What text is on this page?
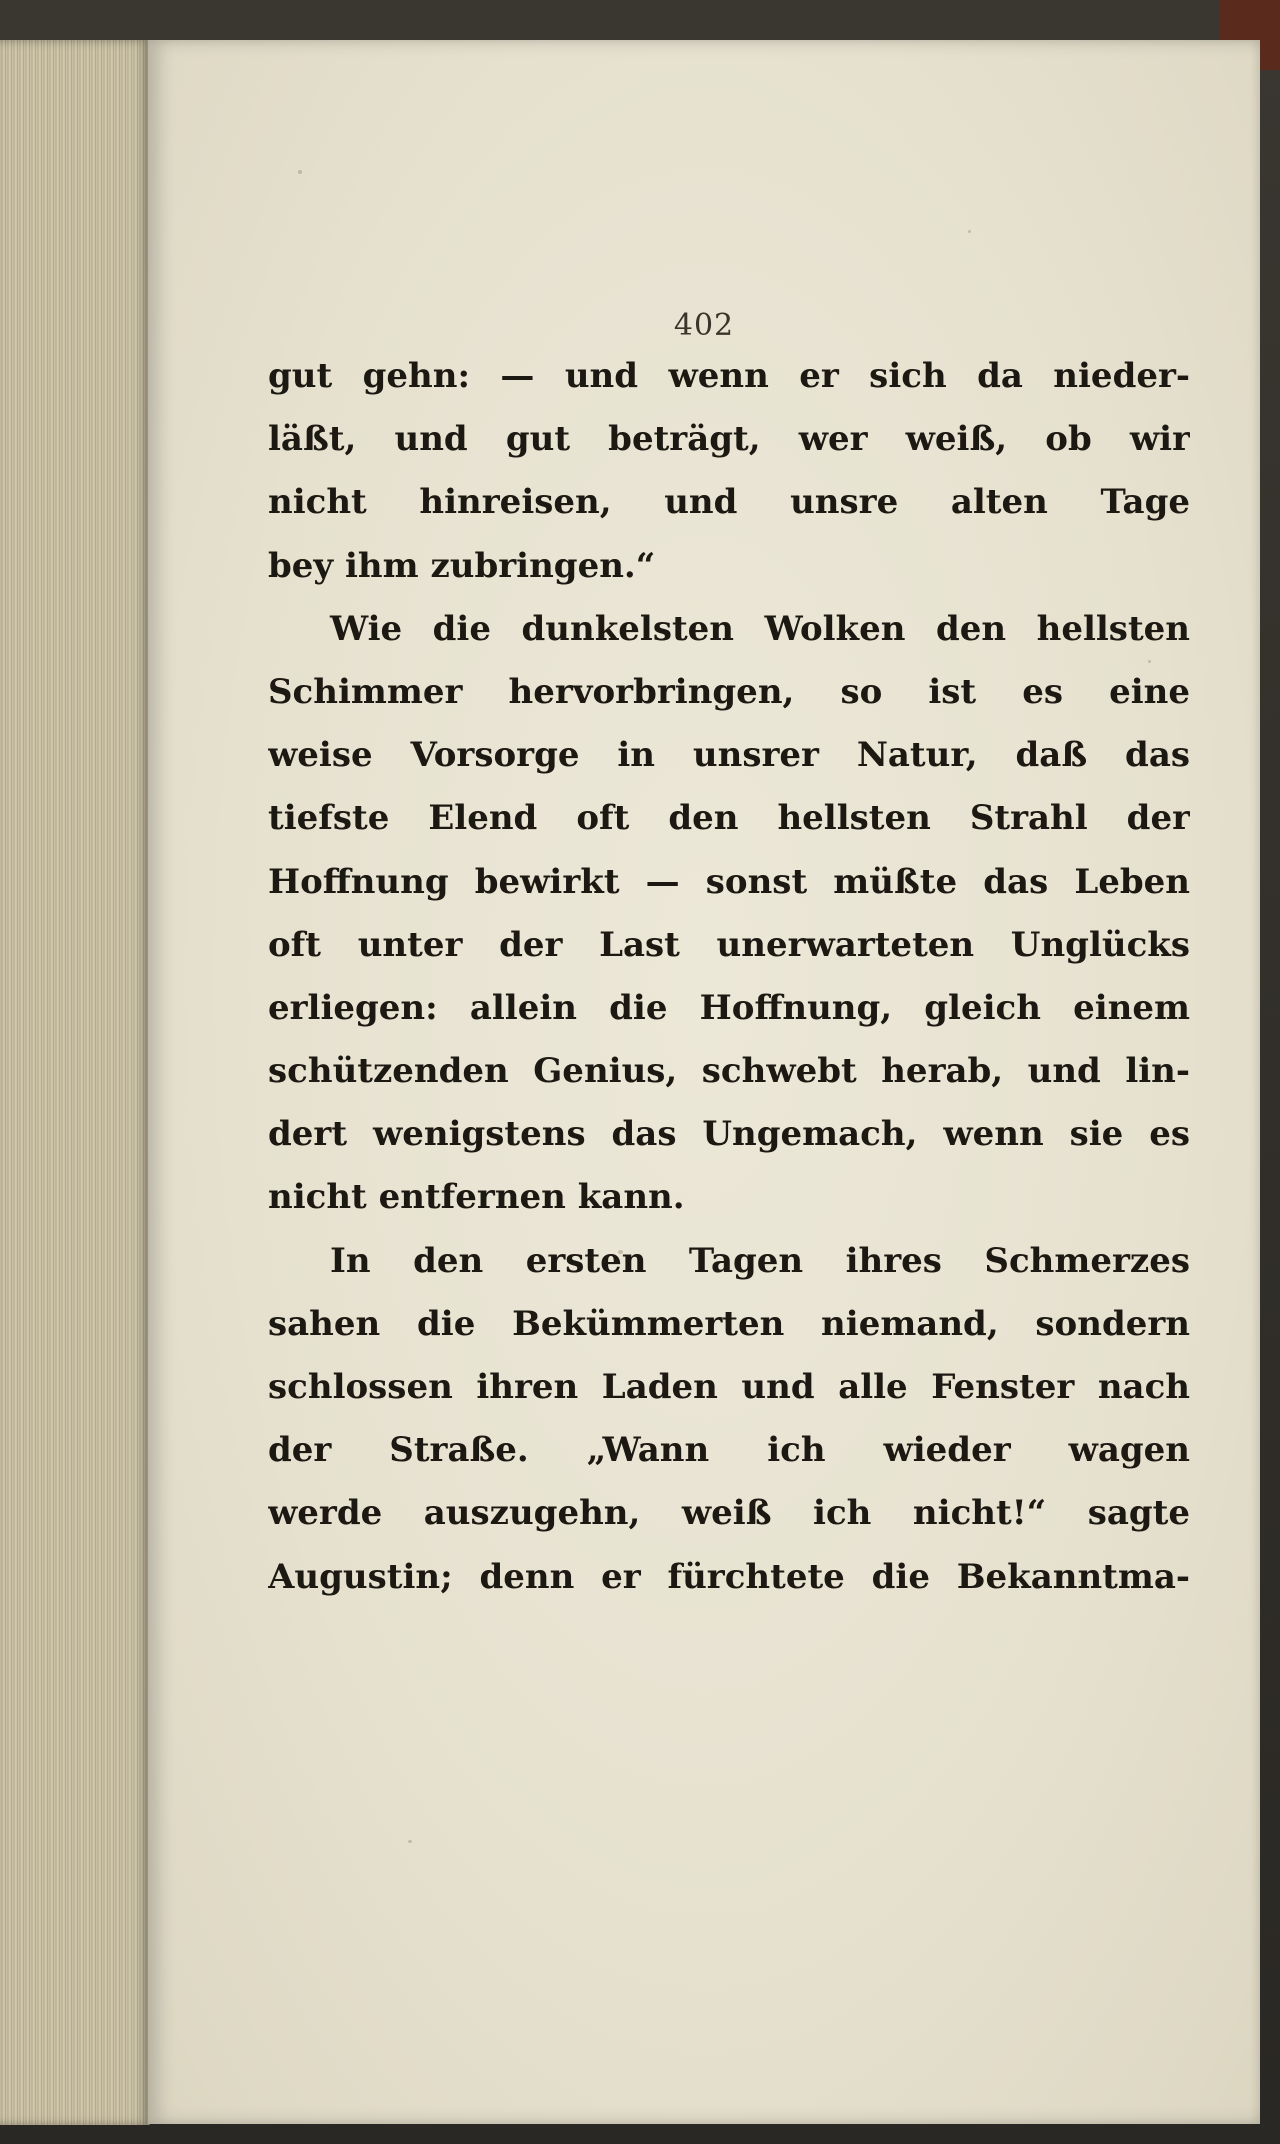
402
gut gehn: — und wenn er sich da nieder-
läßt, und gut beträgt, wer weiß, ob wir
nicht hinreisen, und unsre alten Tage
bey ihm zubringen.“
Wie die dunkelsten Wolken den hellsten
Schimmer hervorbringen, so ist es eine
weise Vorsorge in unsrer Natur, daß das
tiefste Elend oft den hellsten Strahl der
Hoffnung bewirkt — sonst müßte das Leben
oft unter der Last unerwarteten Unglücks
erliegen: allein die Hoffnung, gleich einem
schützenden Genius, schwebt herab, und lin-
dert wenigstens das Ungemach, wenn sie es
nicht entfernen kann.
In den ersten Tagen ihres Schmerzes
sahen die Bekümmerten niemand, sondern
schlossen ihren Laden und alle Fenster nach
der Straße. „Wann ich wieder wagen
werde auszugehn, weiß ich nicht!“ sagte
Augustin; denn er fürchtete die Bekanntma-
